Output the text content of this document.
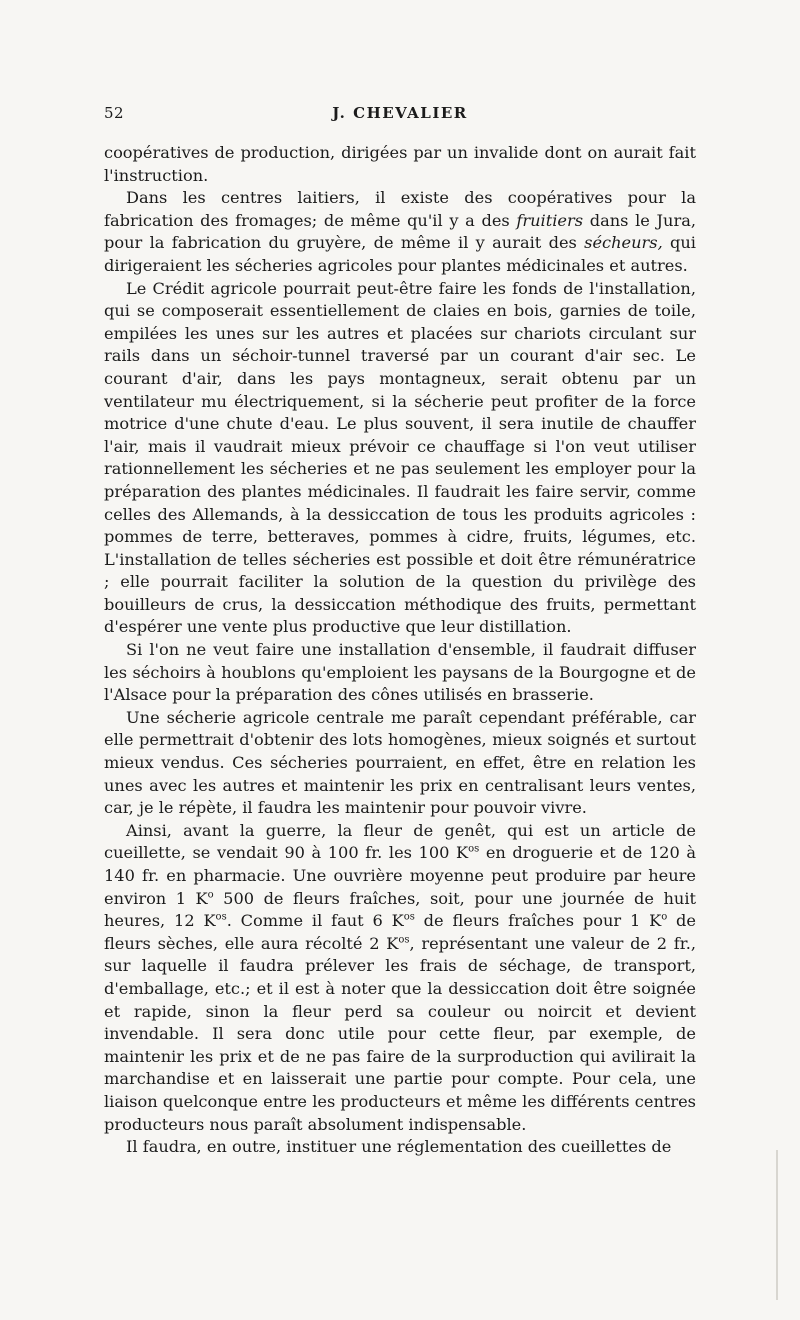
52	J. CHEVALIER

coopératives de production, dirigées par un invalide dont on aurait fait l'instruction.

Dans les centres laitiers, il existe des coopératives pour la fabrication des fromages; de même qu'il y a des fruitiers dans le Jura, pour la fabrication du gruyère, de même il y aurait des sécheurs, qui dirigeraient les sécheries agricoles pour plantes médicinales et autres.

Le Crédit agricole pourrait peut-être faire les fonds de l'installation, qui se composerait essentiellement de claies en bois, garnies de toile, empilées les unes sur les autres et placées sur chariots circulant sur rails dans un séchoir-tunnel traversé par un courant d'air sec. Le courant d'air, dans les pays montagneux, serait obtenu par un ventilateur mu électriquement, si la sécherie peut profiter de la force motrice d'une chute d'eau. Le plus souvent, il sera inutile de chauffer l'air, mais il vaudrait mieux prévoir ce chauffage si l'on veut utiliser rationnellement les sécheries et ne pas seulement les employer pour la préparation des plantes médicinales. Il faudrait les faire servir, comme celles des Allemands, à la dessiccation de tous les produits agricoles : pommes de terre, betteraves, pommes à cidre, fruits, légumes, etc. L'installation de telles sécheries est possible et doit être rémunératrice ; elle pourrait faciliter la solution de la question du privilège des bouilleurs de crus, la dessiccation méthodique des fruits, permettant d'espérer une vente plus productive que leur distillation.

Si l'on ne veut faire une installation d'ensemble, il faudrait diffuser les séchoirs à houblons qu'emploient les paysans de la Bourgogne et de l'Alsace pour la préparation des cônes utilisés en brasserie.

Une sécherie agricole centrale me paraît cependant préférable, car elle permettrait d'obtenir des lots homogènes, mieux soignés et surtout mieux vendus. Ces sécheries pourraient, en effet, être en relation les unes avec les autres et maintenir les prix en centralisant leurs ventes, car, je le répète, il faudra les maintenir pour pouvoir vivre.

Ainsi, avant la guerre, la fleur de genêt, qui est un article de cueillette, se vendait 90 à 100 fr. les 100 $K^{os}$ en droguerie et de 120 à 140 fr. en pharmacie. Une ouvrière moyenne peut produire par heure environ 1 $K^o$ 500 de fleurs fraîches, soit, pour une journée de huit heures, 12 $K^{os}$. Comme il faut 6 $K^{os}$ de fleurs fraîches pour 1 $K^o$ de fleurs sèches, elle aura récolté 2 $K^{os}$, représentant une valeur de 2 fr., sur laquelle il faudra prélever les frais de séchage, de transport, d'emballage, etc.; et il est à noter que la dessiccation doit être soignée et rapide, sinon la fleur perd sa couleur ou noircit et devient invendable. Il sera donc utile pour cette fleur, par exemple, de maintenir les prix et de ne pas faire de la surproduction qui avilirait la marchandise et en laisserait une partie pour compte. Pour cela, une liaison quelconque entre les producteurs et même les différents centres producteurs nous paraît absolument indispensable.

Il faudra, en outre, instituer une réglementation des cueillettes de
